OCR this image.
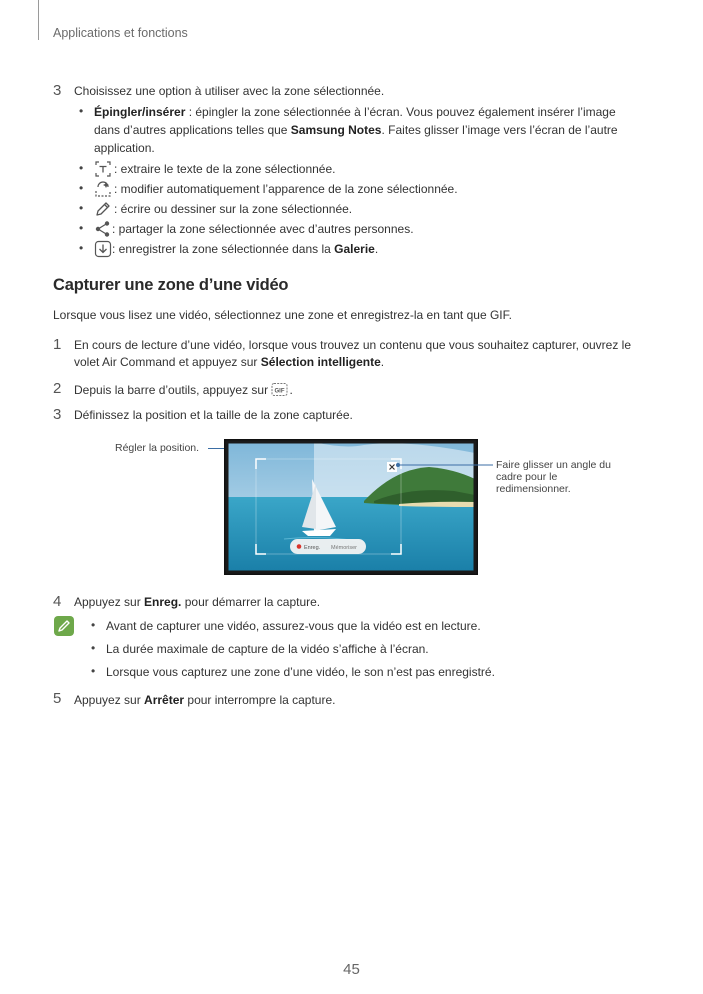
Applications et fonctions
3 Choisissez une option à utiliser avec la zone sélectionnée.
• Épingler/insérer : épingler la zone sélectionnée à l’écran. Vous pouvez également insérer l’image
dans d’autres applications telles que Samsung Notes. Faites glisser l’image vers l’écran de l’autre
application.
•	: extraire le texte de la zone sélectionnée.
•	: modifier automatiquement l’apparence de la zone sélectionnée.
•	: écrire ou dessiner sur la zone sélectionnée.
• : partager la zone sélectionnée avec d’autres personnes.
• : enregistrer la zone sélectionnée dans la Galerie.
Capturer une zone d’une vidéo
Lorsque vous lisez une vidéo, sélectionnez une zone et enregistrez-la en tant que GIF.
1 En cours de lecture d’une vidéo, lorsque vous trouvez un contenu que vous souhaitez capturer, ouvrez le
volet Air Command et appuyez sur Sélection intelligente.
2 Depuis la barre d’outils, appuyez sur GIF .
3 Définissez la position et la taille de la zone capturée.
Régler la position.
Faire glisser un angle du
cadre pour le
redimensionner.
Enreg. Mémoriser
4 Appuyez sur Enreg. pour démarrer la capture.
• Avant de capturer une vidéo, assurez-vous que la vidéo est en lecture.
• La durée maximale de capture de la vidéo s’affiche à l’écran.
• Lorsque vous capturez une zone d’une vidéo, le son n’est pas enregistré.
5 Appuyez sur Arrêter pour interrompre la capture.
45
